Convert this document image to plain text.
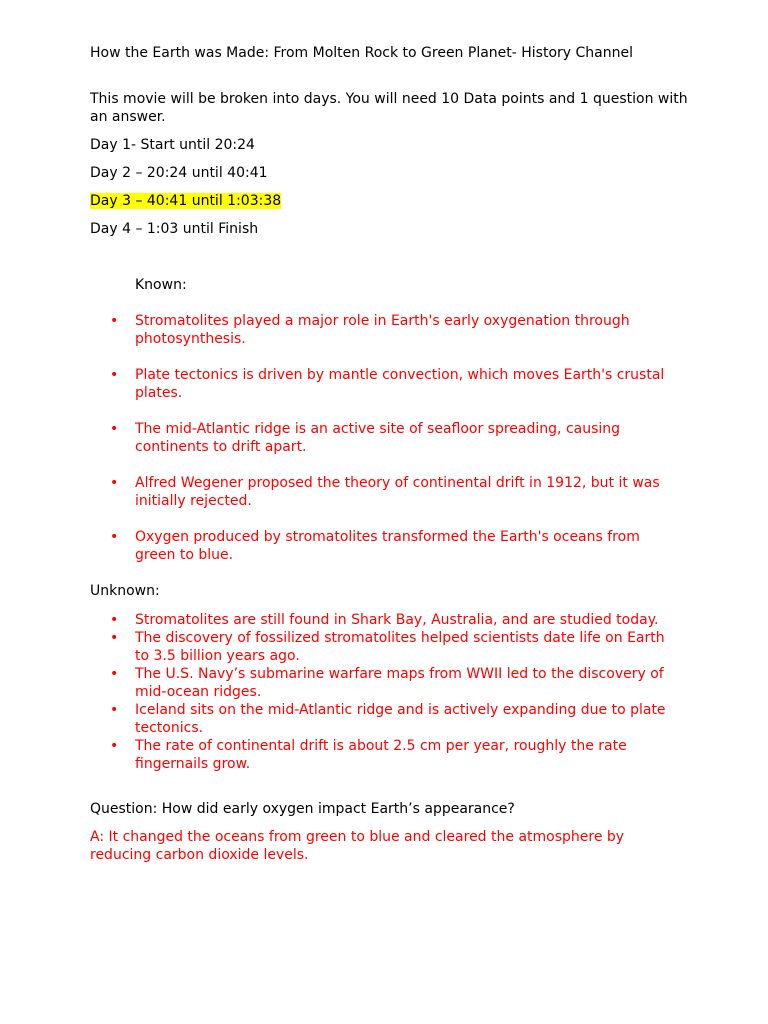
How the Earth was Made: From Molten Rock to Green Planet- History Channel

This movie will be broken into days. You will need 10 Data points and 1 question with an answer.

Day 1- Start until 20:24

Day 2 – 20:24 until 40:41

Day 3 – 40:41 until 1:03:38

Day 4 – 1:03 until Finish

Known:

• Stromatolites played a major role in Earth's early oxygenation through photosynthesis.
• Plate tectonics is driven by mantle convection, which moves Earth's crustal plates.
• The mid-Atlantic ridge is an active site of seafloor spreading, causing continents to drift apart.
• Alfred Wegener proposed the theory of continental drift in 1912, but it was initially rejected.
• Oxygen produced by stromatolites transformed the Earth's oceans from green to blue.

Unknown:

• Stromatolites are still found in Shark Bay, Australia, and are studied today.
• The discovery of fossilized stromatolites helped scientists date life on Earth to 3.5 billion years ago.
• The U.S. Navy’s submarine warfare maps from WWII led to the discovery of mid-ocean ridges.
• Iceland sits on the mid-Atlantic ridge and is actively expanding due to plate tectonics.
• The rate of continental drift is about 2.5 cm per year, roughly the rate fingernails grow.

Question: How did early oxygen impact Earth’s appearance?

A: It changed the oceans from green to blue and cleared the atmosphere by reducing carbon dioxide levels.
